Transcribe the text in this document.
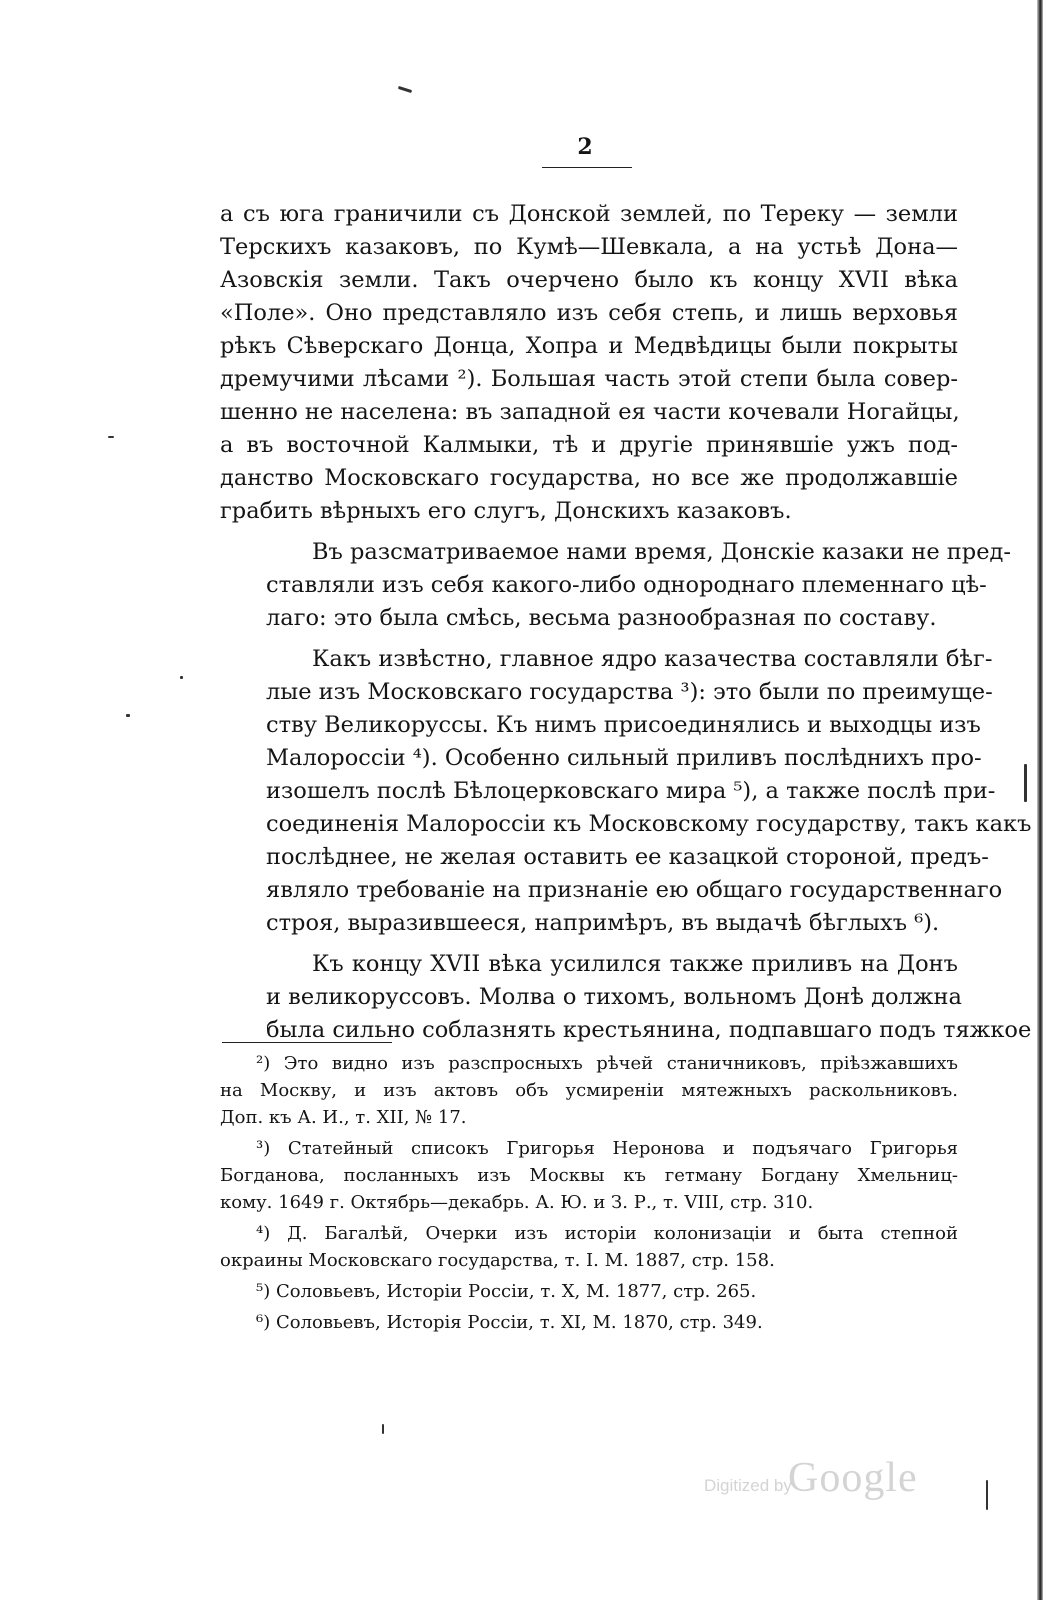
2

а съ юга граничили съ Донской землей, по Тереку — земли
Терскихъ казаковъ, по Кумѣ—Шевкала, а на устьѣ Дона—
Азовскія земли. Такъ очерчено было къ концу XVII вѣка
«Поле». Оно представляло изъ себя степь, и лишь верховья
рѣкъ Сѣверскаго Донца, Хопра и Медвѣдицы были покрыты
дремучими лѣсами ²). Большая часть этой степи была совер-
шенно не населена: въ западной ея части кочевали Ногайцы,
а въ восточной Калмыки, тѣ и другіе принявшіе ужъ под-
данство Московскаго государства, но все же продолжавшіе
грабить вѣрныхъ его слугъ, Донскихъ казаковъ.

Въ разсматриваемое нами время, Донскіе казаки не пред-
ставляли изъ себя какого-либо однороднаго племеннаго цѣ-
лаго: это была смѣсь, весьма разнообразная по составу.

Какъ извѣстно, главное ядро казачества составляли бѣг-
лые изъ Московскаго государства ³): это были по преимуще-
ству Великоруссы. Къ нимъ присоединялись и выходцы изъ
Малороссіи ⁴). Особенно сильный приливъ послѣднихъ про-
изошелъ послѣ Бѣлоцерковскаго мира ⁵), а также послѣ при-
соединенія Малороссіи къ Московскому государству, такъ какъ
послѣднее, не желая оставить ее казацкой стороной, предъ-
являло требованіе на признаніе ею общаго государственнаго
строя, выразившееся, напримѣръ, въ выдачѣ бѣглыхъ ⁶).

Къ концу XVII вѣка усилился также приливъ на Донъ
и великоруссовъ. Молва о тихомъ, вольномъ Донѣ должна
была сильно соблазнять крестьянина, подпавшаго подъ тяжкое

²) Это видно изъ разспросныхъ рѣчей станичниковъ, пріѣзжавшихъ
на Москву, и изъ актовъ объ усмиреніи мятежныхъ раскольниковъ.
Доп. къ А. И., т. XII, № 17.
³) Статейный списокъ Григорья Неронова и подъячаго Григорья
Богданова, посланныхъ изъ Москвы къ гетману Богдану Хмельниц-
кому. 1649 г. Октябрь—декабрь. А. Ю. и З. Р., т. VIII, стр. 310.
⁴) Д. Багалѣй, Очерки изъ исторіи колонизаціи и быта степной
окраины Московскаго государства, т. I. М. 1887, стр. 158.
⁵) Соловьевъ, Исторіи Россіи, т. X, М. 1877, стр. 265.
⁶) Соловьевъ, Исторія Россіи, т. XI, М. 1870, стр. 349.
Digitized by
Google
